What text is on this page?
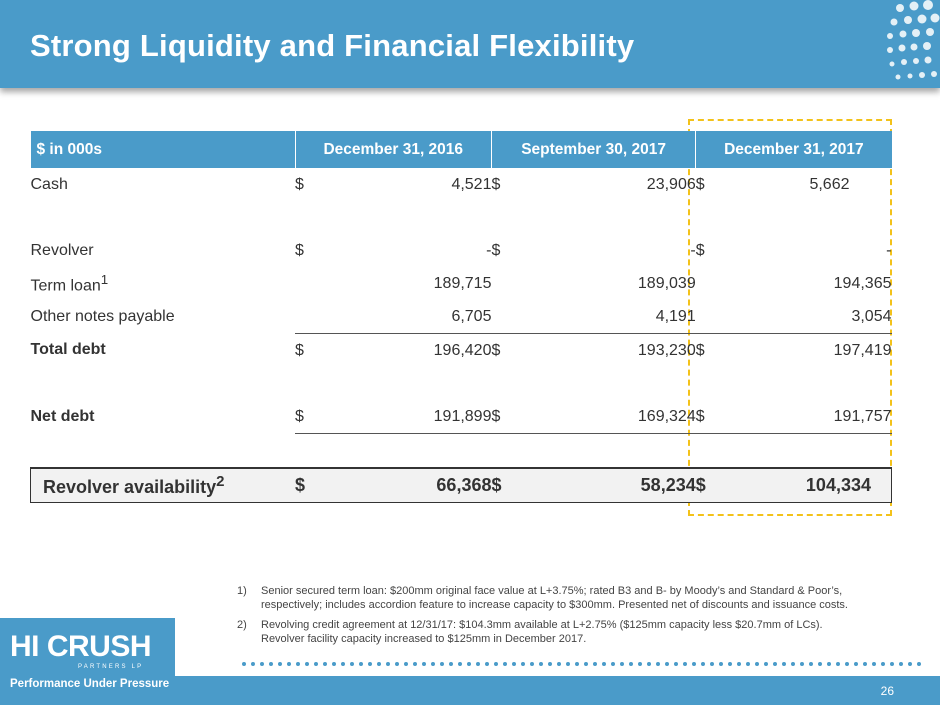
Strong Liquidity and Financial Flexibility
$ in 000s	December 31, 2016		September 30, 2017		December 31, 2017	
Cash	$	4,521	$	23,906	$	5,662

Revolver	$	-	$	-	$	-
Term loan$^1$		189,715		189,039		194,365
Other notes payable		6,705		4,191		3,054
Total debt	$	196,420	$	193,230	$	197,419

Net debt	$	191,899	$	169,324	$	191,757

Revolver availability$^2$	$	66,368	$	58,234	$	104,334
1)	Senior secured term loan: $200mm original face value at L+3.75%; rated B3 and B- by Moody’s and Standard & Poor’s, respectively; includes accordion feature to increase capacity to $300mm. Presented net of discounts and issuance costs.
2)	Revolving credit agreement at 12/31/17: $104.3mm available at L+2.75% ($125mm capacity less $20.7mm of LCs). Revolver facility capacity increased to $125mm in December 2017.
HI CRUSH
PARTNERS LP
Performance Under Pressure	26
